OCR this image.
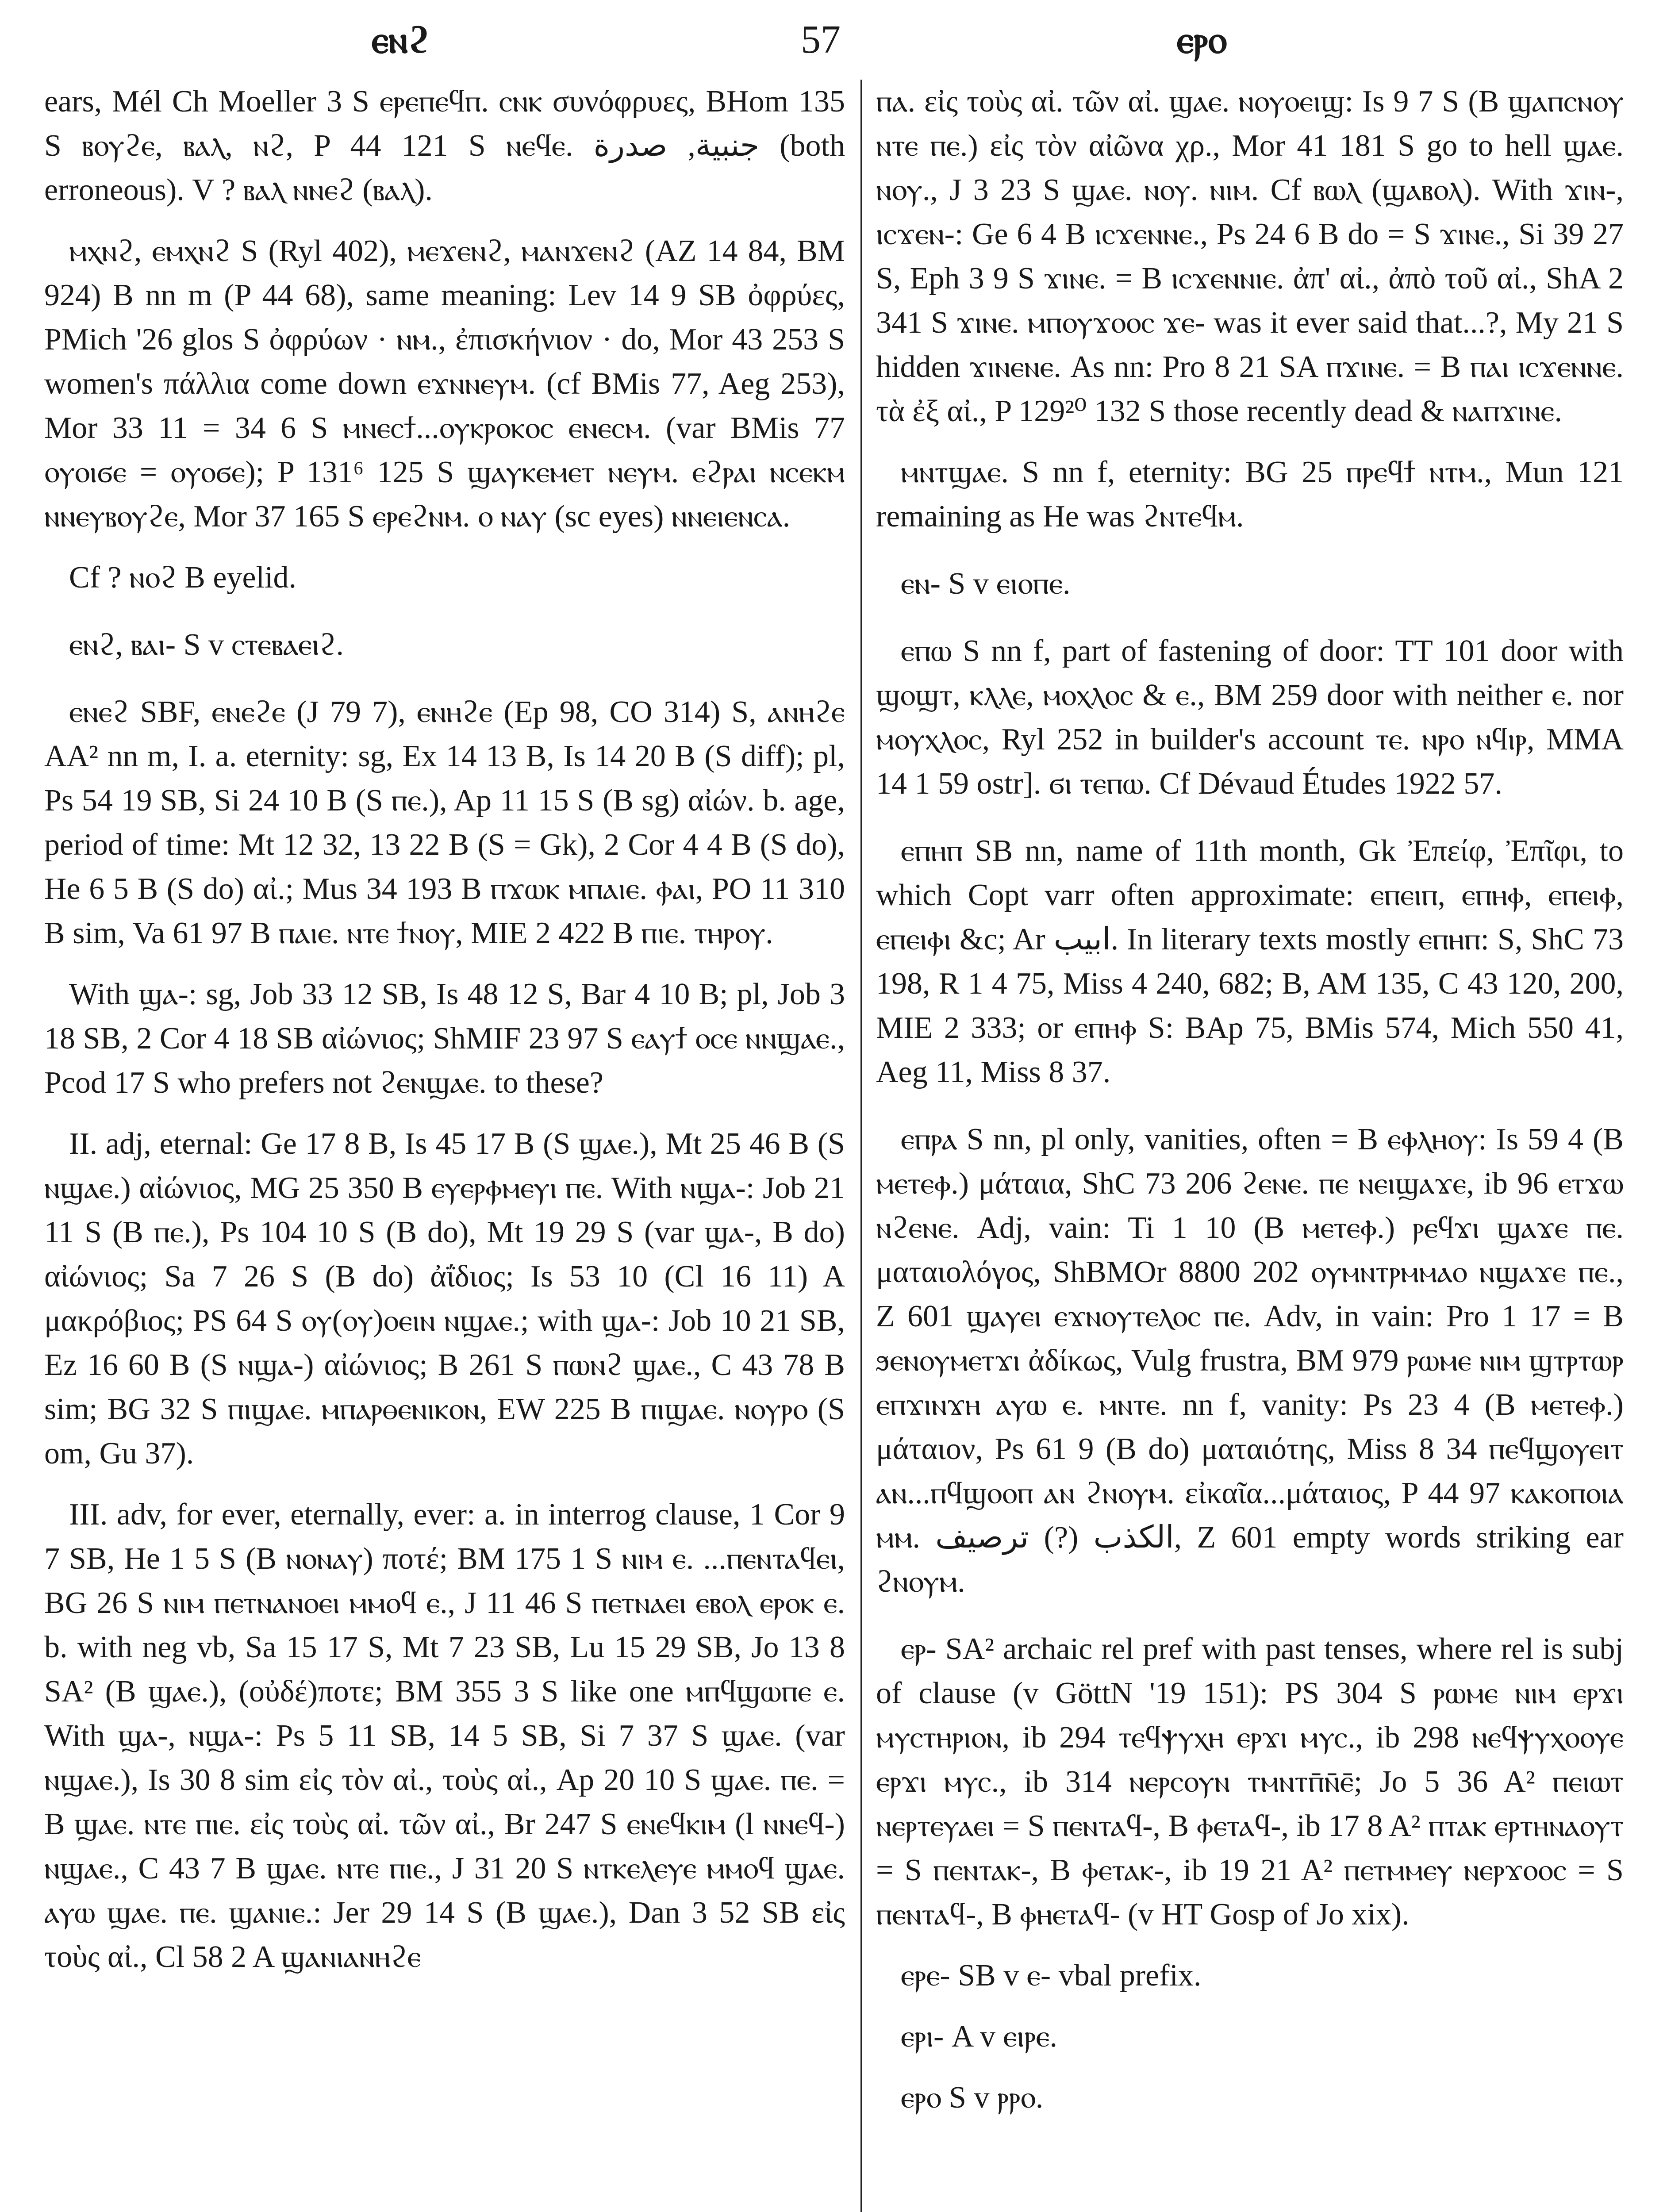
ⲉⲛϩ	57	ⲉⲣⲟ

ears, Mél Ch Moeller 3 S ⲉⲣⲉⲡⲉϥⲡ. ⲥⲛⲕ συνόφρυες, BHom 135 S ⲃⲟⲩϩⲉ, ⲃⲁⲗ, ⲛϩ, P 44 121 S ⲛⲉϥⲉ. جنبية, صدرة (both erroneous). V ? ⲃⲁⲗ ⲛⲛⲉϩ (ⲃⲁⲗ).

ⲙⲭⲛϩ, ⲉⲙⲭⲛϩ S (Ryl 402), ⲙⲉϫⲉⲛϩ, ⲙⲁⲛϫⲉⲛϩ (AZ 14 84, BM 924) B nn m (P 44 68), same meaning: Lev 14 9 SB ὀφρύες, PMich '26 glos S ὀφρύων · ⲛⲙ., ἐπισκήνιον · do, Mor 43 253 S women's πάλλια come down ⲉϫⲛⲛⲉⲩⲙ. (cf BMis 77, Aeg 253), Mor 33 11 = 34 6 S ⲙⲛⲉⲥϯ...ⲟⲩⲕⲣⲟⲕⲟⲥ ⲉⲛⲉⲥⲙ. (var BMis 77 ⲟⲩⲟⲓϭⲉ = ⲟⲩⲟϭⲉ); P 131⁶ 125 S ϣⲁⲩⲕⲉⲙⲉⲧ ⲛⲉⲩⲙ. ⲉϩⲣⲁⲓ ⲛⲥⲉⲕⲙ ⲛⲛⲉⲩⲃⲟⲩϩⲉ, Mor 37 165 S ⲉⲣⲉϩⲛⲙ. ⲟ ⲛⲁⲩ (sc eyes) ⲛⲛⲉⲓⲉⲛⲥⲁ.

Cf ? ⲛⲟϩ B eyelid.

ⲉⲛϩ, ⲃⲁⲓ- S v ⲥⲧⲉⲃⲁⲉⲓϩ.

ⲉⲛⲉϩ SBF, ⲉⲛⲉϩⲉ (J 79 7), ⲉⲛⲏϩⲉ (Ep 98, CO 314) S, ⲁⲛⲏϩⲉ AA² nn m, I. a. eternity: sg, Ex 14 13 B, Is 14 20 B (S diff); pl, Ps 54 19 SB, Si 24 10 B (S ⲡⲉ.), Ap 11 15 S (B sg) αἰών. b. age, period of time: Mt 12 32, 13 22 B (S = Gk), 2 Cor 4 4 B (S do), He 6 5 B (S do) αἰ.; Mus 34 193 B ⲡϫⲱⲕ ⲙⲡⲁⲓⲉ. ⲫⲁⲓ, PO 11 310 B sim, Va 61 97 B ⲡⲁⲓⲉ. ⲛⲧⲉ ϯⲛⲟⲩ, MIE 2 422 B ⲡⲓⲉ. ⲧⲏⲣⲟⲩ.

With ϣⲁ-: sg, Job 33 12 SB, Is 48 12 S, Bar 4 10 B; pl, Job 3 18 SB, 2 Cor 4 18 SB αἰώνιος; ShMIF 23 97 S ⲉⲁⲩϯ ⲟⲥⲉ ⲛⲛϣⲁⲉ., Pcod 17 S who prefers not ϩⲉⲛϣⲁⲉ. to these?

II. adj, eternal: Ge 17 8 B, Is 45 17 B (S ϣⲁⲉ.), Mt 25 46 B (S ⲛϣⲁⲉ.) αἰώνιος, MG 25 350 B ⲉⲩⲉⲣⲫⲙⲉⲩⲓ ⲡⲉ. With ⲛϣⲁ-: Job 21 11 S (B ⲡⲉ.), Ps 104 10 S (B do), Mt 19 29 S (var ϣⲁ-, B do) αἰώνιος; Sa 7 26 S (B do) ἀΐδιος; Is 53 10 (Cl 16 11) A μακρόβιος; PS 64 S ⲟⲩ(ⲟⲩ)ⲟⲉⲓⲛ ⲛϣⲁⲉ.; with ϣⲁ-: Job 10 21 SB, Ez 16 60 B (S ⲛϣⲁ-) αἰώνιος; B 261 S ⲡⲱⲛϩ ϣⲁⲉ., C 43 78 B sim; BG 32 S ⲡⲓϣⲁⲉ. ⲙⲡⲁⲣⲑⲉⲛⲓⲕⲟⲛ, EW 225 B ⲡⲓϣⲁⲉ. ⲛⲟⲩⲣⲟ (S om, Gu 37).

III. adv, for ever, eternally, ever: a. in interrog clause, 1 Cor 9 7 SB, He 1 5 S (B ⲛⲟⲛⲁⲩ) ποτέ; BM 175 1 S ⲛⲓⲙ ⲉ. ...ⲡⲉⲛⲧⲁϥⲉⲓ, BG 26 S ⲛⲓⲙ ⲡⲉⲧⲛⲁⲛⲟⲉⲓ ⲙⲙⲟϥ ⲉ., J 11 46 S ⲡⲉⲧⲛⲁⲉⲓ ⲉⲃⲟⲗ ⲉⲣⲟⲕ ⲉ. b. with neg vb, Sa 15 17 S, Mt 7 23 SB, Lu 15 29 SB, Jo 13 8 SA² (B ϣⲁⲉ.), (οὐδέ)ποτε; BM 355 3 S like one ⲙⲡϥϣⲱⲡⲉ ⲉ. With ϣⲁ-, ⲛϣⲁ-: Ps 5 11 SB, 14 5 SB, Si 7 37 S ϣⲁⲉ. (var ⲛϣⲁⲉ.), Is 30 8 sim εἰς τὸν αἰ., τοὺς αἰ., Ap 20 10 S ϣⲁⲉ. ⲡⲉ. = B ϣⲁⲉ. ⲛⲧⲉ ⲡⲓⲉ. εἰς τοὺς αἰ. τῶν αἰ., Br 247 S ⲉⲛⲉϥⲕⲓⲙ (l ⲛⲛⲉϥ-) ⲛϣⲁⲉ., C 43 7 B ϣⲁⲉ. ⲛⲧⲉ ⲡⲓⲉ., J 31 20 S ⲛⲧⲕⲉⲗⲉⲩⲉ ⲙⲙⲟϥ ϣⲁⲉ. ⲁⲩⲱ ϣⲁⲉ. ⲡⲉ. ϣⲁⲛⲓⲉ.: Jer 29 14 S (B ϣⲁⲉ.), Dan 3 52 SB εἰς τοὺς αἰ., Cl 58 2 A ϣⲁⲛⲓⲁⲛⲏϩⲉ

ⲡⲁ. εἰς τοὺς αἰ. τῶν αἰ. ϣⲁⲉ. ⲛⲟⲩⲟⲉⲓϣ: Is 9 7 S (B ϣⲁⲡⲥⲛⲟⲩ ⲛⲧⲉ ⲡⲉ.) εἰς τὸν αἰῶνα χρ., Mor 41 181 S go to hell ϣⲁⲉ. ⲛⲟⲩ., J 3 23 S ϣⲁⲉ. ⲛⲟⲩ. ⲛⲓⲙ. Cf ⲃⲱⲗ (ϣⲁⲃⲟⲗ). With ϫⲓⲛ-, ⲓⲥϫⲉⲛ-: Ge 6 4 B ⲓⲥϫⲉⲛⲛⲉ., Ps 24 6 B do = S ϫⲓⲛⲉ., Si 39 27 S, Eph 3 9 S ϫⲓⲛⲉ. = B ⲓⲥϫⲉⲛⲛⲓⲉ. ἀπ' αἰ., ἀπὸ τοῦ αἰ., ShA 2 341 S ϫⲓⲛⲉ. ⲙⲡⲟⲩϫⲟⲟⲥ ϫⲉ- was it ever said that...?, My 21 S hidden ϫⲓⲛⲉⲛⲉ. As nn: Pro 8 21 SA ⲡϫⲓⲛⲉ. = B ⲡⲁⲓ ⲓⲥϫⲉⲛⲛⲉ. τὰ ἐξ αἰ., P 129²⁰ 132 S those recently dead & ⲛⲁⲡϫⲓⲛⲉ.

ⲙⲛⲧϣⲁⲉ. S nn f, eternity: BG 25 ⲡⲣⲉϥϯ ⲛⲧⲙ., Mun 121 remaining as He was ϩⲛⲧⲉϥⲙ.

ⲉⲛ- S v ⲉⲓⲟⲡⲉ.

ⲉⲡⲱ S nn f, part of fastening of door: TT 101 door with ϣⲟϣⲧ, ⲕⲗⲗⲉ, ⲙⲟⲭⲗⲟⲥ & ⲉ., BM 259 door with neither ⲉ. nor ⲙⲟⲩⲭⲗⲟⲥ, Ryl 252 in builder's account ⲧⲉ. ⲛⲣⲟ ⲛϥⲓⲣ, MMA 14 1 59 ostr]. ϭⲓ ⲧⲉⲡⲱ. Cf Dévaud Études 1922 57.

ⲉⲡⲏⲡ SB nn, name of 11th month, Gk Ἐπείφ, Ἐπῖφι, to which Copt varr often approximate: ⲉⲡⲉⲓⲡ, ⲉⲡⲏⲫ, ⲉⲡⲉⲓⲫ, ⲉⲡⲉⲓⲫⲓ &c; Ar ابيب. In literary texts mostly ⲉⲡⲏⲡ: S, ShC 73 198, R 1 4 75, Miss 4 240, 682; B, AM 135, C 43 120, 200, MIE 2 333; or ⲉⲡⲏⲫ S: BAp 75, BMis 574, Mich 550 41, Aeg 11, Miss 8 37.

ⲉⲡⲣⲁ S nn, pl only, vanities, often = B ⲉⲫⲗⲏⲟⲩ: Is 59 4 (B ⲙⲉⲧⲉⲫ.) μάταια, ShC 73 206 ϩⲉⲛⲉ. ⲡⲉ ⲛⲉⲓϣⲁϫⲉ, ib 96 ⲉⲧϫⲱ ⲛϩⲉⲛⲉ. Adj, vain: Ti 1 10 (B ⲙⲉⲧⲉⲫ.) ⲣⲉϥϫⲓ ϣⲁϫⲉ ⲡⲉ. ματαιολόγος, ShBMOr 8800 202 ⲟⲩⲙⲛⲧⲣⲙⲙⲁⲟ ⲛϣⲁϫⲉ ⲡⲉ., Z 601 ϣⲁⲩⲉⲓ ⲉϫⲛⲟⲩⲧⲉⲗⲟⲥ ⲡⲉ. Adv, in vain: Pro 1 17 = B ϧⲉⲛⲟⲩⲙⲉⲧϫⲓ ἀδίκως, Vulg frustra, BM 979 ⲣⲱⲙⲉ ⲛⲓⲙ ϣⲧⲣⲧⲱⲣ ⲉⲡϫⲓⲛϫⲏ ⲁⲩⲱ ⲉ. ⲙⲛⲧⲉ. nn f, vanity: Ps 23 4 (B ⲙⲉⲧⲉⲫ.) μάταιον, Ps 61 9 (B do) ματαιότης, Miss 8 34 ⲡⲉϥϣⲟⲩⲉⲓⲧ ⲁⲛ...ⲡϥϣⲟⲟⲡ ⲁⲛ ϩⲛⲟⲩⲙ. εἰκαῖα...μάταιος, P 44 97 ⲕⲁⲕⲟⲡⲟⲓⲁ ⲙⲙ. الكذب (?) ترصيف, Z 601 empty words striking ear ϩⲛⲟⲩⲙ.

ⲉⲣ- SA² archaic rel pref with past tenses, where rel is subj of clause (v GöttN '19 151): PS 304 S ⲣⲱⲙⲉ ⲛⲓⲙ ⲉⲣϫⲓ ⲙⲩⲥⲧⲏⲣⲓⲟⲛ, ib 294 ⲧⲉϥⲯⲩⲭⲏ ⲉⲣϫⲓ ⲙⲩⲥ., ib 298 ⲛⲉϥⲯⲩⲭⲟⲟⲩⲉ ⲉⲣϫⲓ ⲙⲩⲥ., ib 314 ⲛⲉⲣⲥⲟⲩⲛ ⲧⲙⲛⲧⲡ̄ⲛ̄ⲉ̄; Jo 5 36 A² ⲡⲉⲓⲱⲧ ⲛⲉⲣⲧⲉⲩⲁⲉⲓ = S ⲡⲉⲛⲧⲁϥ-, B ⲫⲉⲧⲁϥ-, ib 17 8 A² ⲡⲧⲁⲕ ⲉⲣⲧⲏⲛⲁⲟⲩⲧ = S ⲡⲉⲛⲧⲁⲕ-, B ⲫⲉⲧⲁⲕ-, ib 19 21 A² ⲡⲉⲧⲙⲙⲉⲩ ⲛⲉⲣϫⲟⲟⲥ = S ⲡⲉⲛⲧⲁϥ-, B ⲫⲏⲉⲧⲁϥ- (v HT Gosp of Jo xix).

ⲉⲣⲉ- SB v ⲉ- vbal prefix.

ⲉⲣⲓ- A v ⲉⲓⲣⲉ.

ⲉⲣⲟ S v ⲣⲣⲟ.
